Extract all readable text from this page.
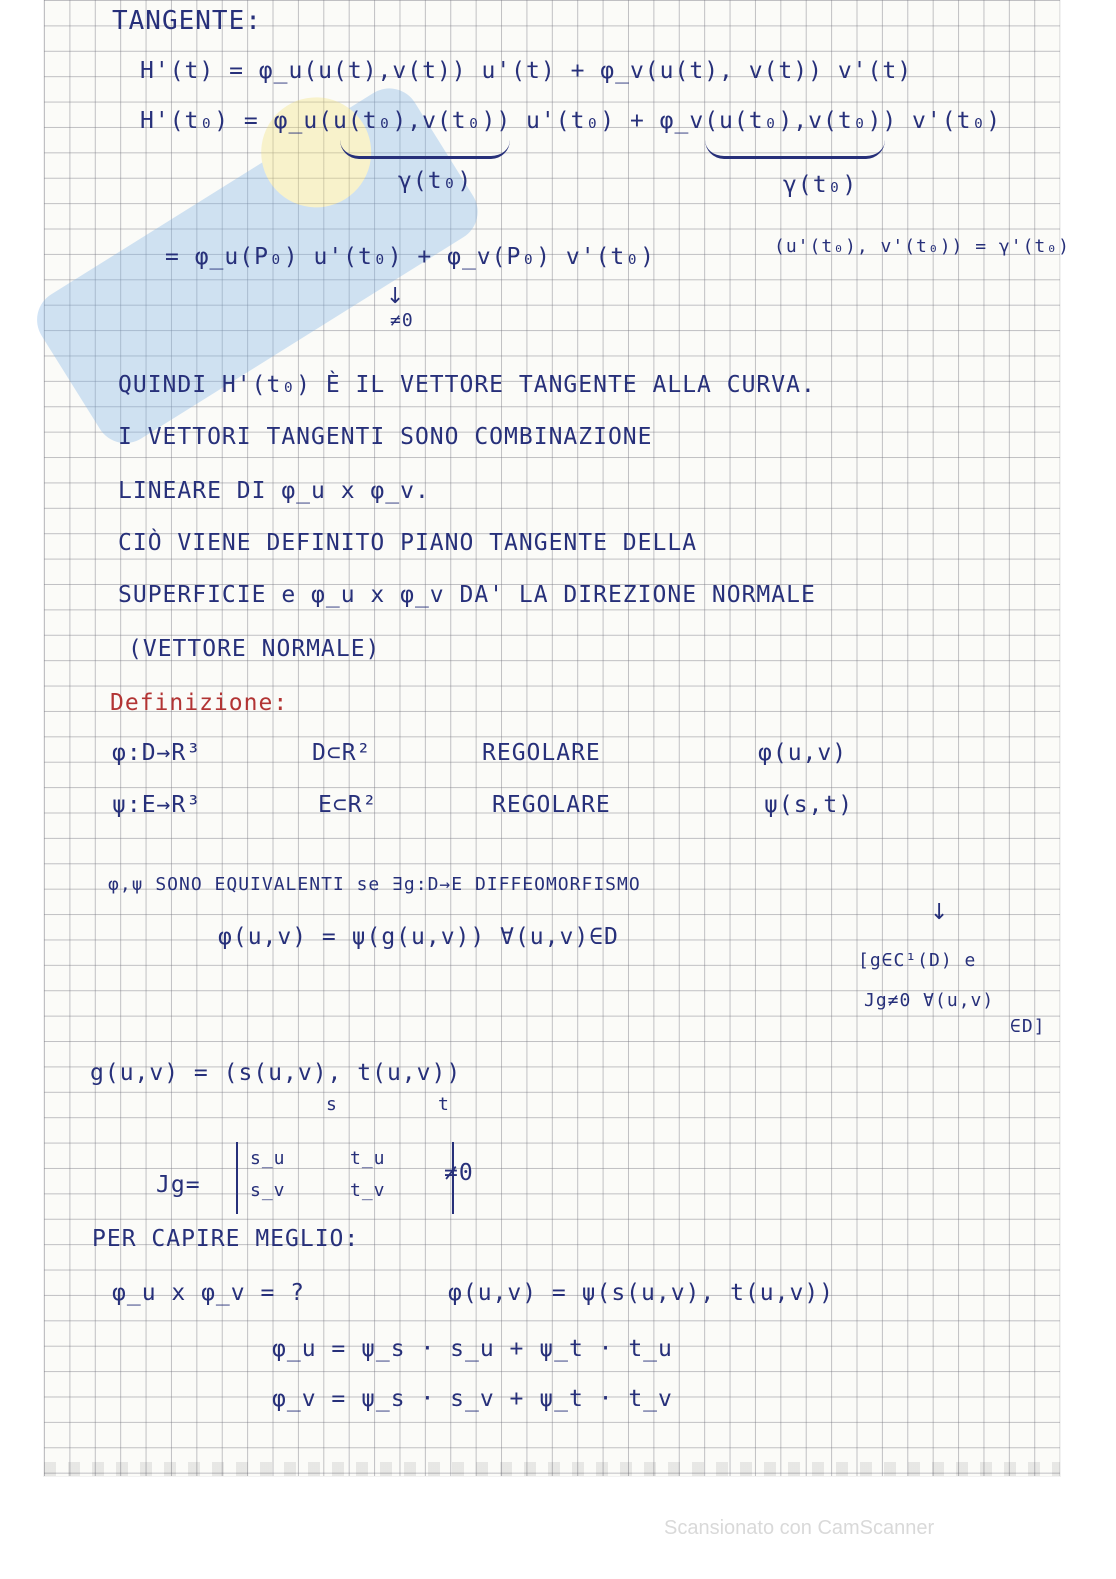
TANGENTE:
H'(t) = φ_u(u(t),v(t)) u'(t) + φ_v(u(t), v(t)) v'(t)
H'(t₀) = φ_u(u(t₀),v(t₀)) u'(t₀) + φ_v(u(t₀),v(t₀)) v'(t₀)
γ(t₀)	γ(t₀)
= φ_u(P₀) u'(t₀) + φ_v(P₀) v'(t₀)	(u'(t₀), v'(t₀)) = γ'(t₀)
↓
≠0
QUINDI H'(t₀) È IL VETTORE TANGENTE ALLA CURVA.
I VETTORI TANGENTI SONO COMBINAZIONE
LINEARE DI φ_u x φ_v.
CIÒ VIENE DEFINITO PIANO TANGENTE DELLA
SUPERFICIE e φ_u x φ_v DA' LA DIREZIONE NORMALE
(VETTORE NORMALE)
Definizione:
φ:D→R³	D⊂R²	REGOLARE	φ(u,v)
ψ:E→R³	E⊂R²	REGOLARE	ψ(s,t)
φ,ψ SONO EQUIVALENTI se ∃g:D→E DIFFEOMORFISMO
↓
φ(u,v) = ψ(g(u,v)) ∀(u,v)∈D
[g∈C¹(D) e
Jg≠0 ∀(u,v)
∈D]
g(u,v) = (s(u,v), t(u,v))
s	t
Jg=
s_u	t_u
s_v	t_v
≠0
PER CAPIRE MEGLIO:
φ_u x φ_v = ?	φ(u,v) = ψ(s(u,v), t(u,v))
φ_u = ψ_s · s_u + ψ_t · t_u
φ_v = ψ_s · s_v + ψ_t · t_v
Scansionato con CamScanner
